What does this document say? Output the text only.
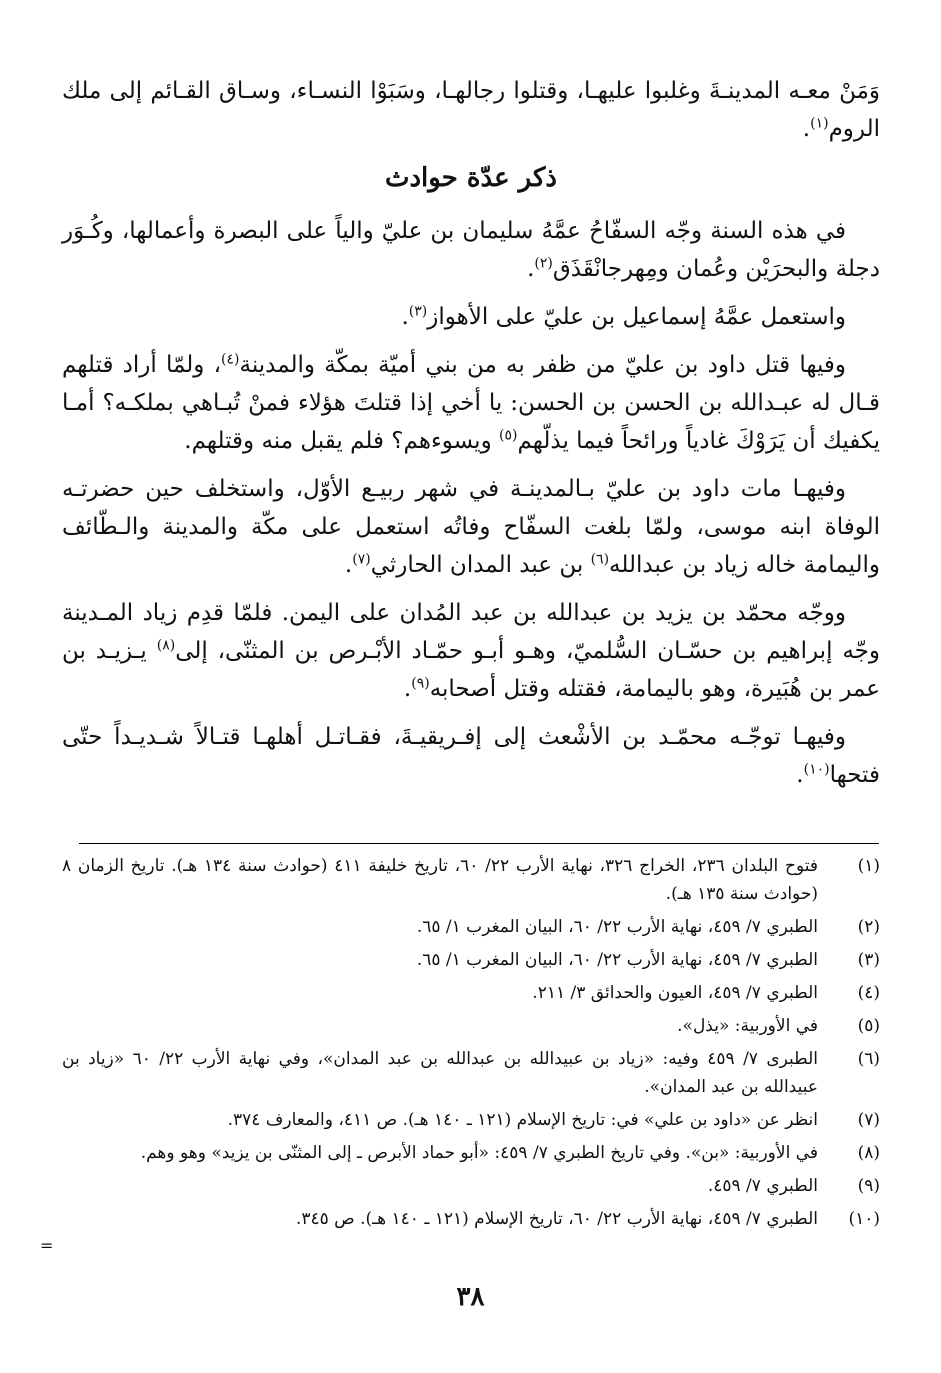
وَمَنْ معـه المدينـةَ وغلبوا عليهـا، وقتلوا رجالهـا، وسَبَوْا النسـاء، وسـاق القـائم إلى ملك الروم$^{(١)}$.

ذكر عدّة حوادث

في هذه السنة وجّه السفّاحُ عمَّهُ سليمان بن عليّ والياً على البصرة وأعمالها، وكُـوَر دجلة والبحرَيْن وعُمان ومِهرجانْقَذَق$^{(٢)}$.

واستعمل عمَّهُ إسماعيل بن عليّ على الأهواز$^{(٣)}$.

وفيها قتل داود بن عليّ من ظفر به من بني أميّة بمكّة والمدينة$^{(٤)}$، ولمّا أراد قتلهم قـال له عبـدالله بن الحسن بن الحسن: يا أخي إذا قتلتَ هؤلاء فمنْ تُبـاهي بملكـه؟ أمـا يكفيك أن يَرَوْكَ غادياً ورائحاً فيما يذلّهم$^{(٥)}$ ويسوءهم؟ فلم يقبل منه وقتلهم.

وفيهـا مات داود بن عليّ بـالمدينـة في شهر ربيـع الأوّل، واستخلف حين حضرتـه الوفاة ابنه موسى، ولمّا بلغت السفّاح وفاتُه استعمل على مكّة والمدينة والـطّائف واليمامة خاله زياد بن عبدالله$^{(٦)}$ بن عبد المدان الحارثي$^{(٧)}$.

ووجّه محمّد بن يزيد بن عبدالله بن عبد المُدان على اليمن. فلمّا قدِم زياد المـدينة وجّه إبراهيم بن حسّـان السُّلميّ، وهـو أبـو حمّـاد الأبْـرص بن المثنّى، إلى$^{(٨)}$ يـزيـد بن عمر بن هُبَيرة، وهو باليمامة، فقتله وقتل أصحابه$^{(٩)}$.

وفيهـا توجّـه محمّـد بن الأشْعث إلى إفـريقيـةَ، فقـاتـل أهلهـا قتـالاً شـديـداً حتّى فتحها$^{(١٠)}$.

(١)
فتوح البلدان ٢٣٦، الخراج ٣٢٦، نهاية الأرب ٢٢/ ٦٠، تاريخ خليفة ٤١١ (حوادث سنة ١٣٤ هـ). تاريخ الزمان ٨ (حوادث سنة ١٣٥ هـ).
(٢)
الطبري ٧/ ٤٥٩، نهاية الأرب ٢٢/ ٦٠، البيان المغرب ١/ ٦٥.
(٣)
الطبري ٧/ ٤٥٩، نهاية الأرب ٢٢/ ٦٠، البيان المغرب ١/ ٦٥.
(٤)
الطبري ٧/ ٤٥٩، العيون والحدائق ٣/ ٢١١.
(٥)
في الأوربية: «يذل».
(٦)
الطبرى ٧/ ٤٥٩ وفيه: «زياد بن عبيدالله بن عبدالله بن عبد المدان»، وفي نهاية الأرب ٢٢/ ٦٠ «زياد بن عبيدالله بن عبد المدان».
(٧)
انظر عن «داود بن علي» في: تاريخ الإسلام (١٢١ ـ ١٤٠ هـ). ص ٤١١، والمعارف ٣٧٤.
(٨)
في الأوربية: «بن». وفي تاريخ الطبري ٧/ ٤٥٩: «أبو حماد الأبرص ـ إلى المثنّى بن يزيد» وهو وهم.
(٩)
الطبري ٧/ ٤٥٩.
(١٠)
الطبري ٧/ ٤٥٩، نهاية الأرب ٢٢/ ٦٠، تاريخ الإسلام (١٢١ ـ ١٤٠ هـ). ص ٣٤٥.
=
٣٨
